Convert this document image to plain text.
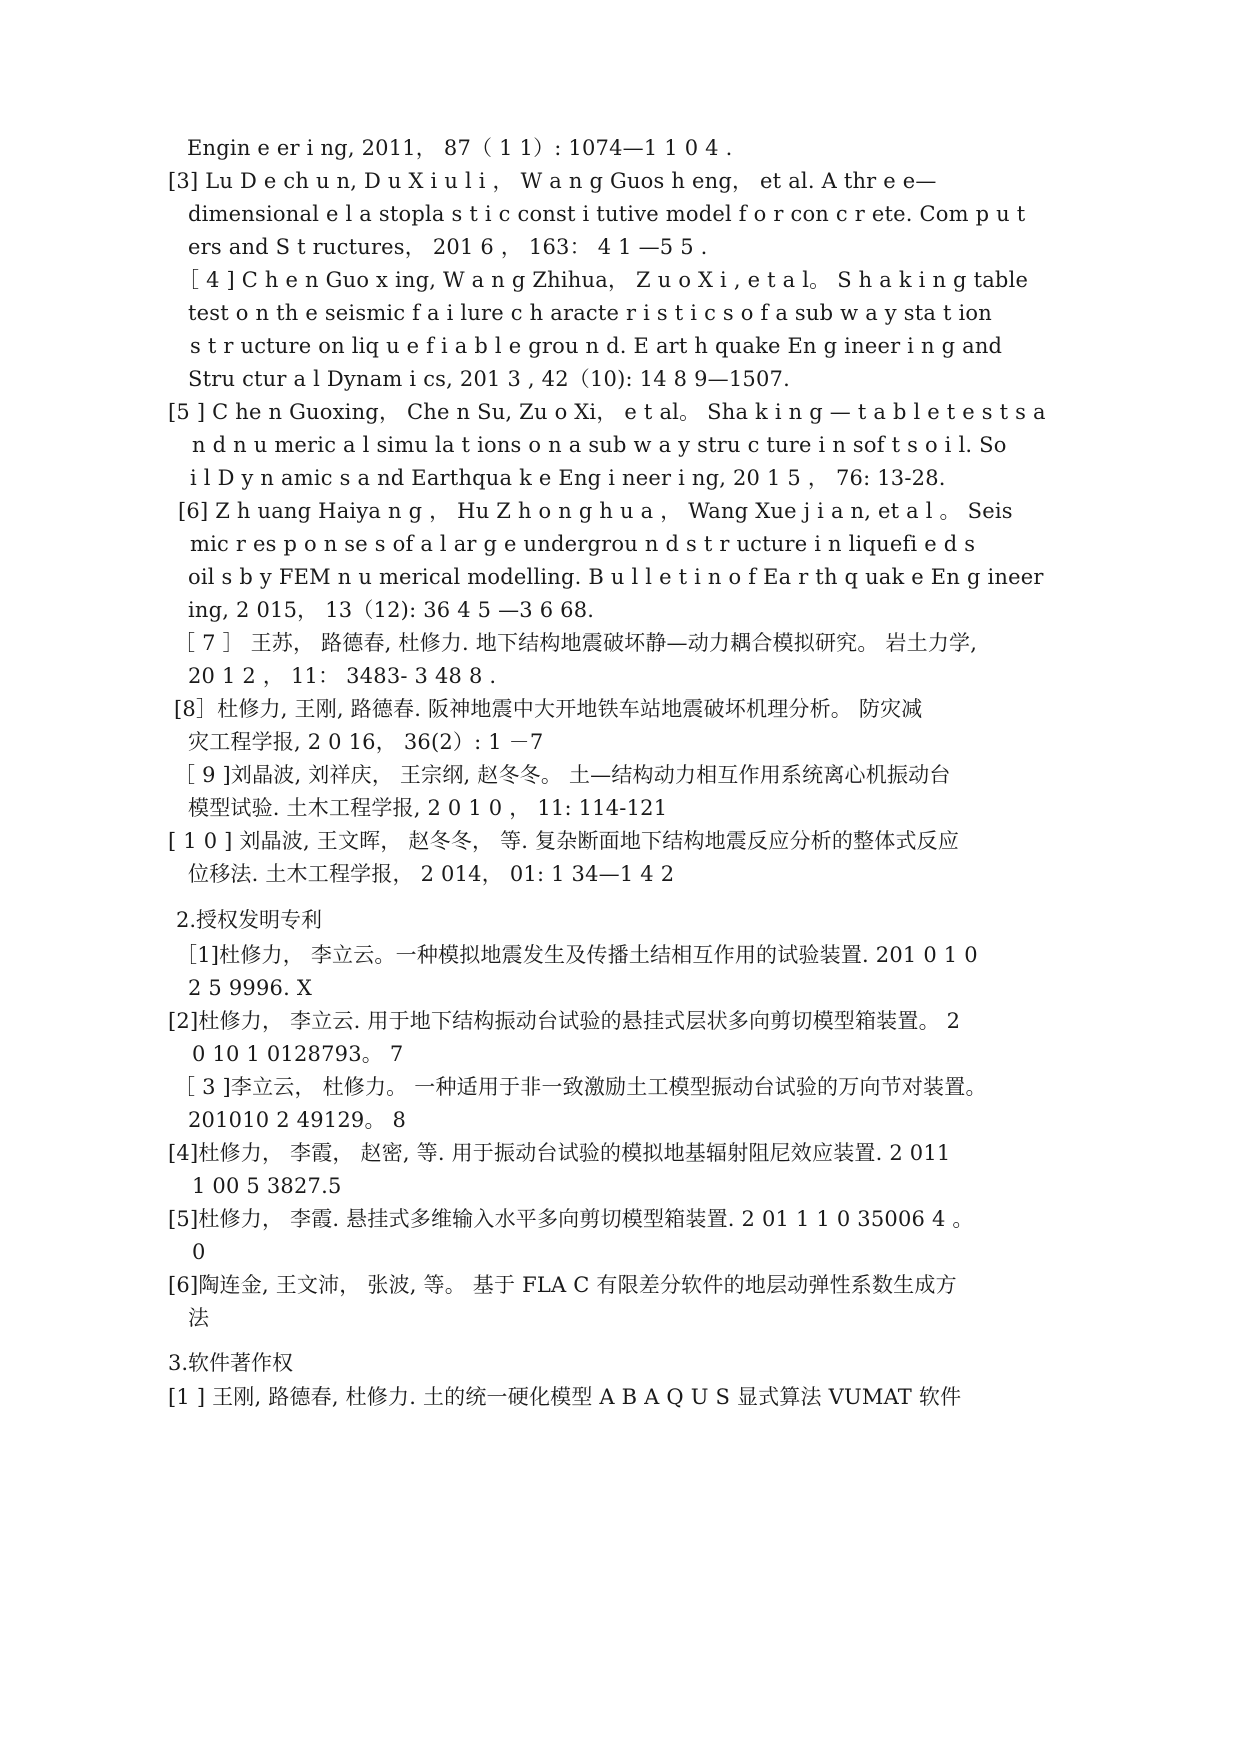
Engin e er i ng, 2011， 87（ 1 1）: 1074—1 1 0 4 .
[3] Lu D e ch u n, D u X i u l i ， W a n g Guos h eng， et al. A thr e e—
dimensional e l a stopla s t i c const i tutive model f o r con c r ete. Com p u t
ers and S t ructures， 201 6 ， 163： 4 1 —5 5 .
［ 4 ] C h e n Guo x ing, W a n g Zhihua， Z u o X i , e t a l。 S h a k i n g table
test o n th e seismic f a i lure c h aracte r i s t i c s o f a sub w a y sta t ion
s t r ucture on liq u e f i a b l e grou n d. E art h quake En g ineer i n g and
Stru ctur a l Dynam i cs, 201 3 , 42（10): 14 8 9—1507.
[5 ] C he n Guoxing， Che n Su, Zu o Xi， e t al。 Sha k i n g — t a b l e t e s t s a
n d n u meric a l simu la t ions o n a sub w a y stru c ture i n sof t s o i l. So
i l D y n amic s a nd Earthqua k e Eng i neer i ng, 20 1 5 ， 76: 13-28.
[6] Z h uang Haiya n g ， Hu Z h o n g h u a ， Wang Xue j i a n, et a l 。 Seis
mic r es p o n se s of a l ar g e undergrou n d s t r ucture i n liquefi e d s
oil s b y FEM n u merical modelling. B u l l e t i n o f Ea r th q uak e En g ineer
ing, 2 015， 13（12): 36 4 5 —3 6 68.
［ 7 ］ 王苏， 路德春, 杜修力. 地下结构地震破坏静—动力耦合模拟研究。 岩土力学,
20 1 2 ， 11： 3483- 3 48 8 .
[8］杜修力, 王刚, 路德春. 阪神地震中大开地铁车站地震破坏机理分析。 防灾减
灾工程学报, 2 0 16， 36(2）: 1 －7
［ 9 ]刘晶波, 刘祥庆， 王宗纲, 赵冬冬。 土—结构动力相互作用系统离心机振动台
模型试验. 土木工程学报, 2 0 1 0 ， 11: 114-121
[ 1 0 ] 刘晶波, 王文晖， 赵冬冬， 等. 复杂断面地下结构地震反应分析的整体式反应
位移法. 土木工程学报， 2 014， 01: 1 34—1 4 2
2.授权发明专利
［1]杜修力， 李立云。一种模拟地震发生及传播土结相互作用的试验装置. 201 0 1 0
2 5 9996. X
[2]杜修力， 李立云. 用于地下结构振动台试验的悬挂式层状多向剪切模型箱装置。 2
0 10 1 0128793。 7
［ 3 ]李立云， 杜修力。 一种适用于非一致激励土工模型振动台试验的万向节对装置。
201010 2 49129。 8
[4]杜修力， 李霞， 赵密, 等. 用于振动台试验的模拟地基辐射阻尼效应装置. 2 011
1 00 5 3827.5
[5]杜修力， 李霞. 悬挂式多维输入水平多向剪切模型箱装置. 2 01 1 1 0 35006 4 。
0
[6]陶连金, 王文沛， 张波, 等。 基于 FLA C 有限差分软件的地层动弹性系数生成方
法
3.软件著作权
[1 ] 王刚, 路德春, 杜修力. 土的统一硬化模型 A B A Q U S 显式算法 VUMAT 软件
